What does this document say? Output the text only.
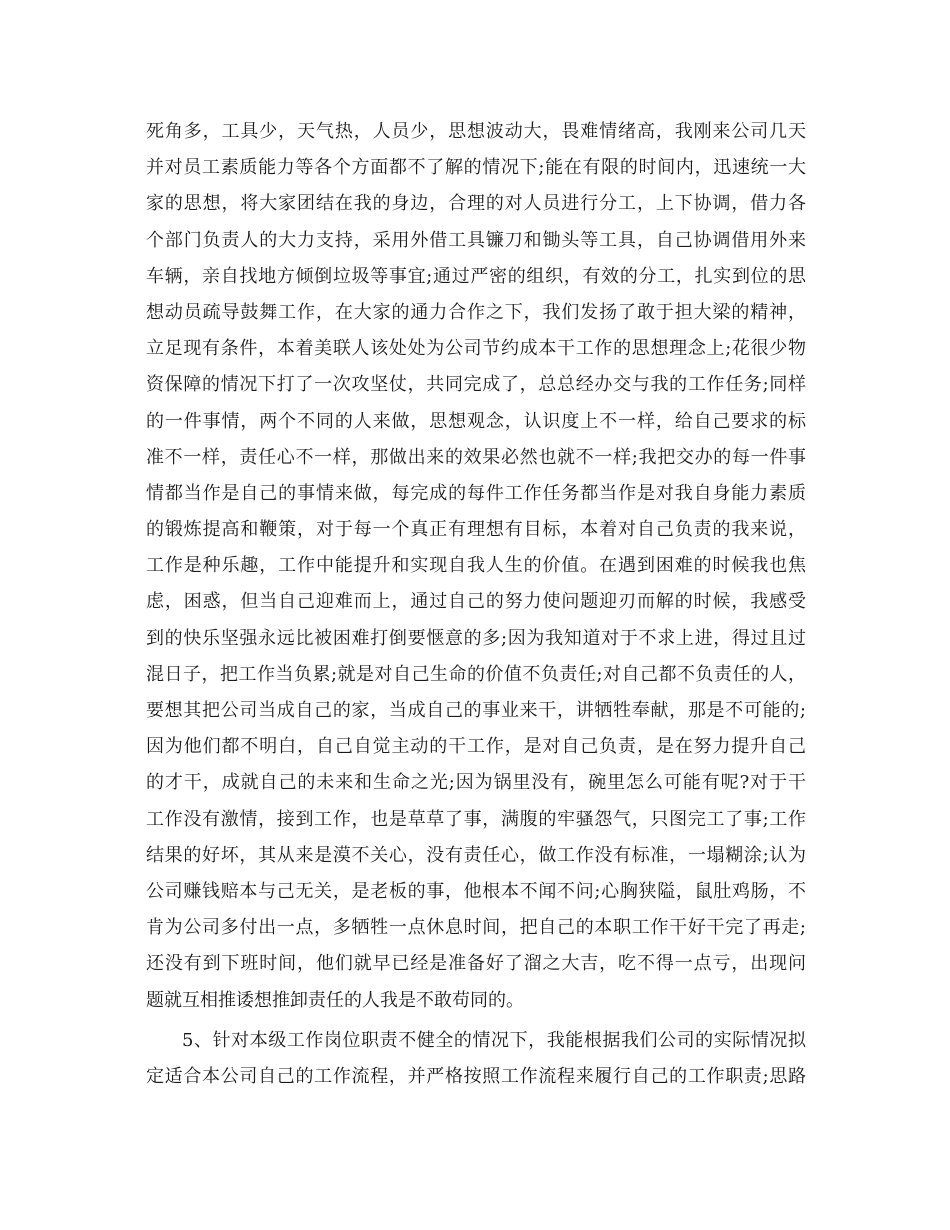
死角多，工具少，天气热，人员少，思想波动大，畏难情绪高，我刚来公司几天
并对员工素质能力等各个方面都不了解的情况下;能在有限的时间内，迅速统一大
家的思想，将大家团结在我的身边，合理的对人员进行分工，上下协调，借力各
个部门负责人的大力支持，采用外借工具镰刀和锄头等工具，自己协调借用外来
车辆，亲自找地方倾倒垃圾等事宜;通过严密的组织，有效的分工，扎实到位的思
想动员疏导鼓舞工作，在大家的通力合作之下，我们发扬了敢于担大梁的精神，
立足现有条件，本着美联人该处处为公司节约成本干工作的思想理念上;花很少物
资保障的情况下打了一次攻坚仗，共同完成了，总总经办交与我的工作任务;同样
的一件事情，两个不同的人来做，思想观念，认识度上不一样，给自己要求的标
准不一样，责任心不一样，那做出来的效果必然也就不一样;我把交办的每一件事
情都当作是自己的事情来做，每完成的每件工作任务都当作是对我自身能力素质
的锻炼提高和鞭策，对于每一个真正有理想有目标，本着对自己负责的我来说，
工作是种乐趣，工作中能提升和实现自我人生的价值。在遇到困难的时候我也焦
虑，困惑，但当自己迎难而上，通过自己的努力使问题迎刃而解的时候，我感受
到的快乐坚强永远比被困难打倒要惬意的多;因为我知道对于不求上进，得过且过
混日子，把工作当负累;就是对自己生命的价值不负责任;对自己都不负责任的人，
要想其把公司当成自己的家，当成自己的事业来干，讲牺牲奉献，那是不可能的;
因为他们都不明白，自己自觉主动的干工作，是对自己负责，是在努力提升自己
的才干，成就自己的未来和生命之光;因为锅里没有，碗里怎么可能有呢?对于干
工作没有激情，接到工作，也是草草了事，满腹的牢骚怨气，只图完工了事;工作
结果的好坏，其从来是漠不关心，没有责任心，做工作没有标准，一塌糊涂;认为
公司赚钱赔本与己无关，是老板的事，他根本不闻不问;心胸狭隘，鼠肚鸡肠，不
肯为公司多付出一点，多牺牲一点休息时间，把自己的本职工作干好干完了再走;
还没有到下班时间，他们就早已经是准备好了溜之大吉，吃不得一点亏，出现问
题就互相推诿想推卸责任的人我是不敢苟同的。
5、针对本级工作岗位职责不健全的情况下，我能根据我们公司的实际情况拟
定适合本公司自己的工作流程，并严格按照工作流程来履行自己的工作职责;思路
